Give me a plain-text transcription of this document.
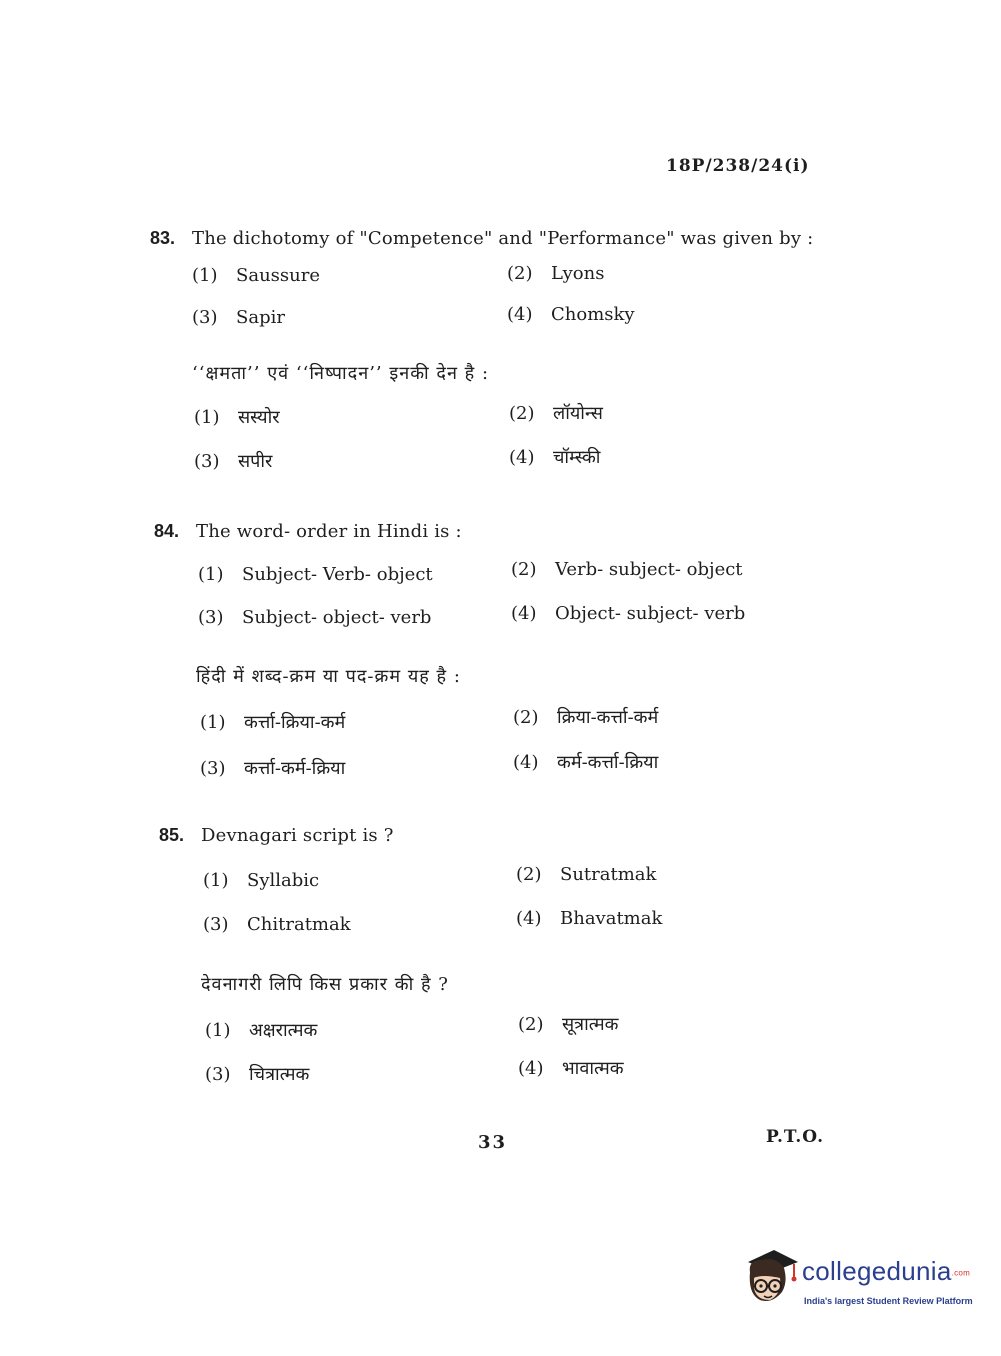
18P/238/24(i)
83. The dichotomy of "Competence" and "Performance" was given by :
(1) Saussure	(2) Lyons
(3) Sapir	(4) Chomsky
‘‘क्षमता’’ एवं ‘‘निष्पादन’’ इनकी देन है :
(1) सस्योर	(2) लॉयोन्स
(3) सपीर	(4) चॉम्स्की
84. The word- order in Hindi is :
(1) Subject- Verb- object	(2) Verb- subject- object
(3) Subject- object- verb	(4) Object- subject- verb
हिंदी में शब्द-क्रम या पद-क्रम यह है :
(1) कर्त्ता-क्रिया-कर्म	(2) क्रिया-कर्त्ता-कर्म
(3) कर्त्ता-कर्म-क्रिया	(4) कर्म-कर्त्ता-क्रिया
85. Devnagari script is ?
(1) Syllabic	(2) Sutratmak
(3) Chitratmak	(4) Bhavatmak
देवनागरी लिपि किस प्रकार की है ?
(1) अक्षरात्मक	(2) सूत्रात्मक
(3) चित्रात्मक	(4) भावात्मक
33	P.T.O.
collegedunia.com
India's largest Student Review Platform
